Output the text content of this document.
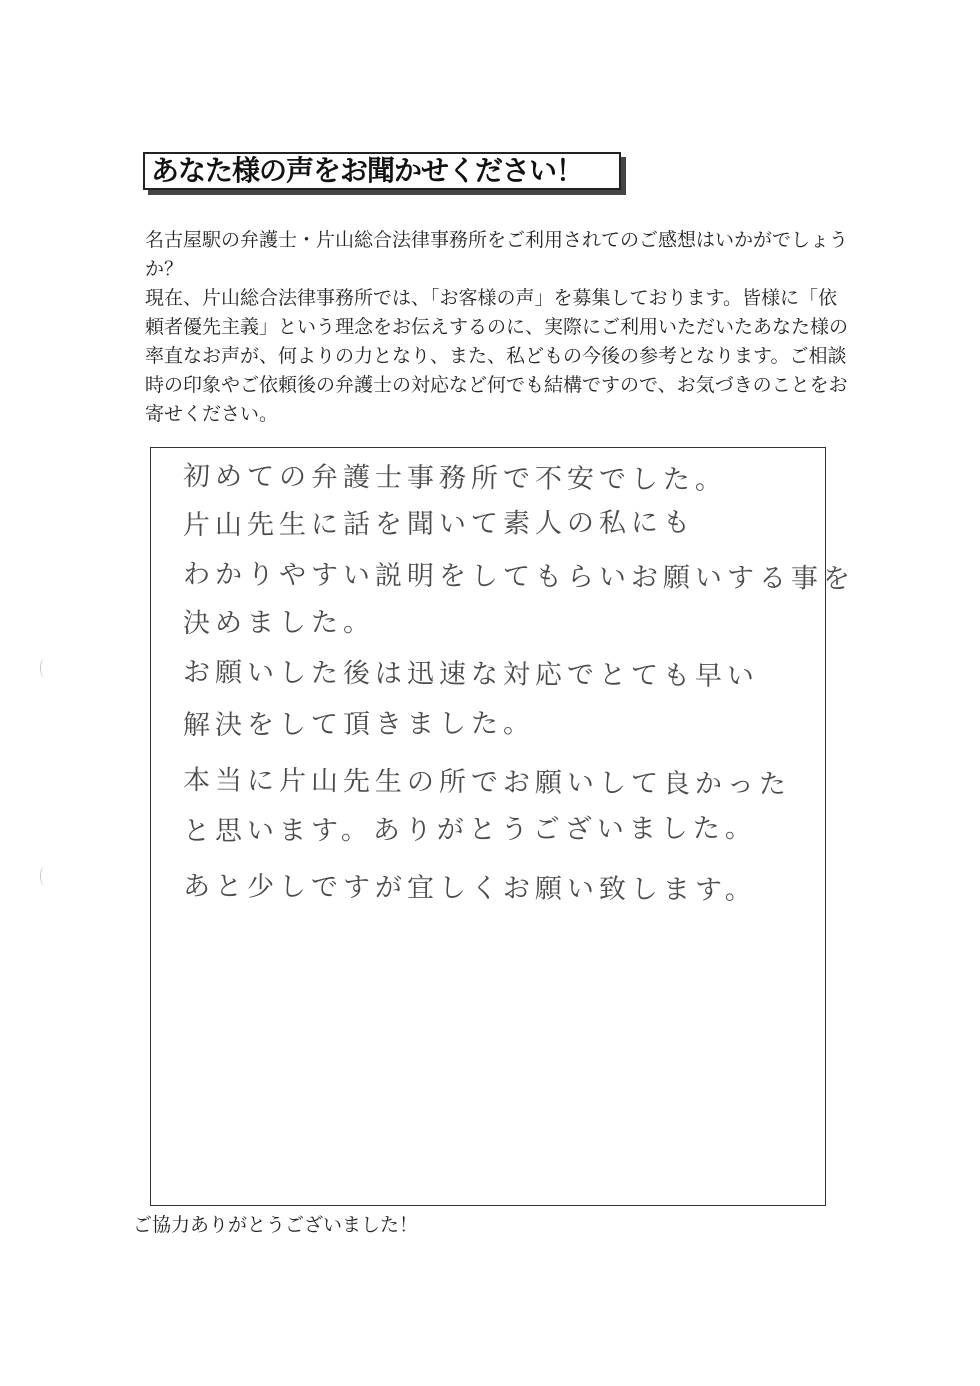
あなた様の声をお聞かせください！

名古屋駅の弁護士・片山総合法律事務所をご利用されてのご感想はいかがでしょうか？

現在、片山総合法律事務所では、「お客様の声」を募集しております。皆様に「依頼者優先主義」という理念をお伝えするのに、実際にご利用いただいたあなた様の率直なお声が、何よりの力となり、また、私どもの今後の参考となります。ご相談時の印象やご依頼後の弁護士の対応など何でも結構ですので、お気づきのことをお寄せください。

初めての弁護士事務所で不安でした。
片山先生に話を聞いて素人の私にも
わかりやすい説明をしてもらいお願いする事を
決めました。
お願いした後は迅速な対応でとても早い
解決をして頂きました。
本当に片山先生の所でお願いして良かった
と思います。ありがとうございました。
あと少しですが宜しくお願い致します。
ご協力ありがとうございました！
